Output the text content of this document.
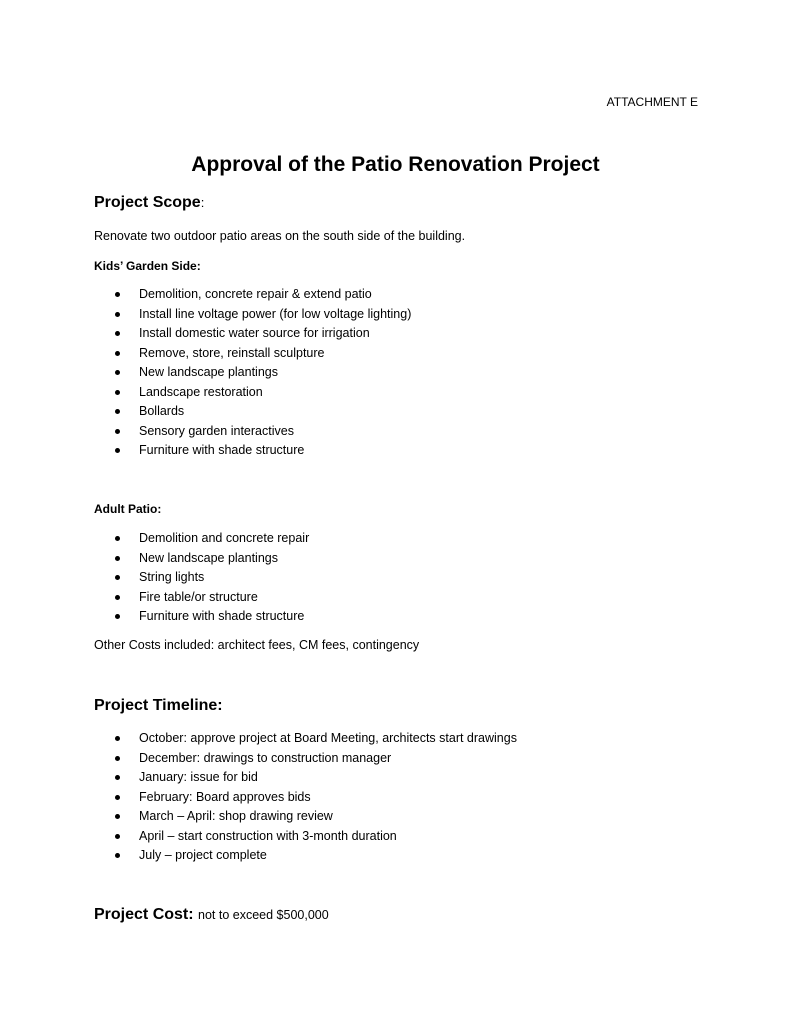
ATTACHMENT E
Approval of the Patio Renovation Project
Project Scope:
Renovate two outdoor patio areas on the south side of the building.
Kids’ Garden Side:
Demolition, concrete repair & extend patio
Install line voltage power (for low voltage lighting)
Install domestic water source for irrigation
Remove, store, reinstall sculpture
New landscape plantings
Landscape restoration
Bollards
Sensory garden interactives
Furniture with shade structure
Adult Patio:
Demolition and concrete repair
New landscape plantings
String lights
Fire table/or structure
Furniture with shade structure
Other Costs included: architect fees, CM fees, contingency
Project Timeline:
October: approve project at Board Meeting, architects start drawings
December: drawings to construction manager
January: issue for bid
February: Board approves bids
March – April: shop drawing review
April – start construction with 3-month duration
July – project complete
Project Cost: not to exceed $500,000
